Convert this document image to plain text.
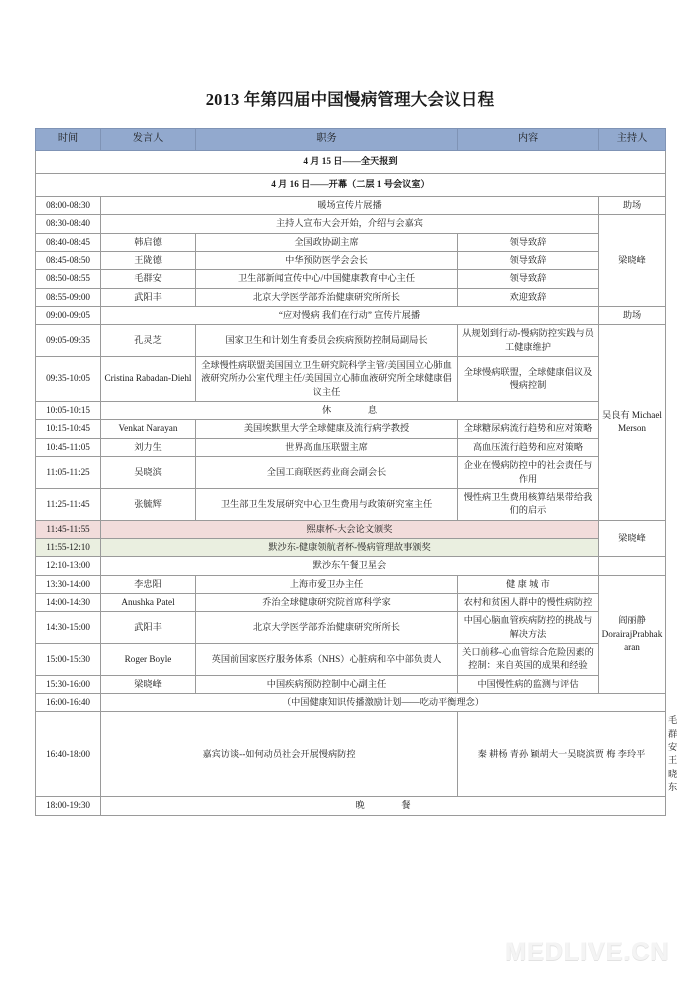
2013 年第四届中国慢病管理大会议日程
时间	发言人	职务	内容	主持人	
4 月 15 日——全天报到					
4 月 16 日——开幕（二层 1 号会议室）					
08:00-08:30	暖场宣传片展播			助场	
08:30-08:40	主持人宣布大会开始，介绍与会嘉宾			梁晓峰	
08:40-08:45	韩启德	全国政协副主席	领导致辞		
08:45-08:50	王陇德	中华预防医学会会长	领导致辞		
08:50-08:55	毛群安	卫生部新闻宣传中心/中国健康教育中心主任	领导致辞		
08:55-09:00	武阳丰	北京大学医学部乔治健康研究所所长	欢迎致辞		
09:00-09:05	“应对慢病 我们在行动” 宣传片展播			助场	
09:05-09:35	孔灵芝	国家卫生和计划生育委员会疾病预防控制局副局长	从规划到行动-慢病防控实践与员工健康维护	吴良有 Michael Merson	
09:35-10:05	Cristina Rabadan-Diehl	全球慢性病联盟美国国立卫生研究院科学主管/美国国立心肺血液研究所办公室代理主任/美国国立心肺血液研究所全球健康倡议主任	全球慢病联盟，全球健康倡议及慢病控制		
10:05-10:15	休　　　　息				
10:15-10:45	Venkat Narayan	美国埃默里大学全球健康及流行病学教授	全球糖尿病流行趋势和应对策略		
10:45-11:05	刘力生	世界高血压联盟主席	高血压流行趋势和应对策略		
11:05-11:25	吴晓滨	全国工商联医药业商会副会长	企业在慢病防控中的社会责任与作用		
11:25-11:45	张毓辉	卫生部卫生发展研究中心卫生费用与政策研究室主任	慢性病卫生费用核算结果带给我们的启示		
11:45-11:55	熙康杯-大会论文颁奖			梁晓峰	
11:55-12:10	默沙东-健康领航者杯-慢病管理故事颁奖				
12:10-13:00	默沙东午餐卫星会				
13:30-14:00	李忠阳	上海市爱卫办主任	健 康 城 市	阎丽静 DorairajPrabhakaran	
14:00-14:30	Anushka Patel	乔治全球健康研究院首席科学家	农村和贫困人群中的慢性病防控		
14:30-15:00	武阳丰	北京大学医学部乔治健康研究所所长	中国心脑血管疾病防控的挑战与解决方法		
15:00-15:30	Roger Boyle	英国前国家医疗服务体系（NHS）心脏病和卒中部负责人	关口前移-心血管综合危险因素的控制：来自英国的成果和经验		
15:30-16:00	梁晓峰	中国疾病预防控制中心副主任	中国慢性病的监测与评估		
16:00-16:40	（中国健康知识传播激励计划——吃动平衡理念）				
16:40-18:00	嘉宾访谈--如何动员社会开展慢病防控		秦 耕杨 青孙 颖胡大一吴晓滨贾 梅 李玲平		毛群安 王晓东
18:00-19:30	晚　　　　餐				
MEDLIVE.CN
